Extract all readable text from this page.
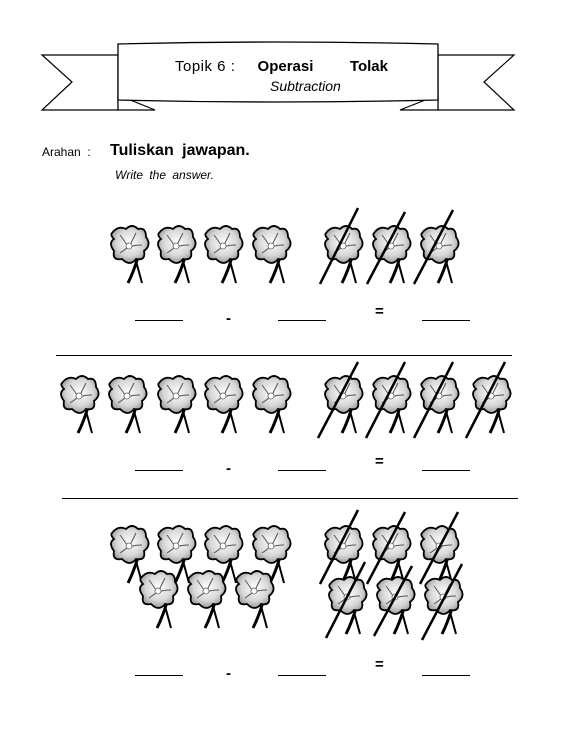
Topik 6 : Operasi   Tolak
Subtraction
Arahan  : Tuliskan jawapan.
Write the answer.
-	=
-	=
-
=
